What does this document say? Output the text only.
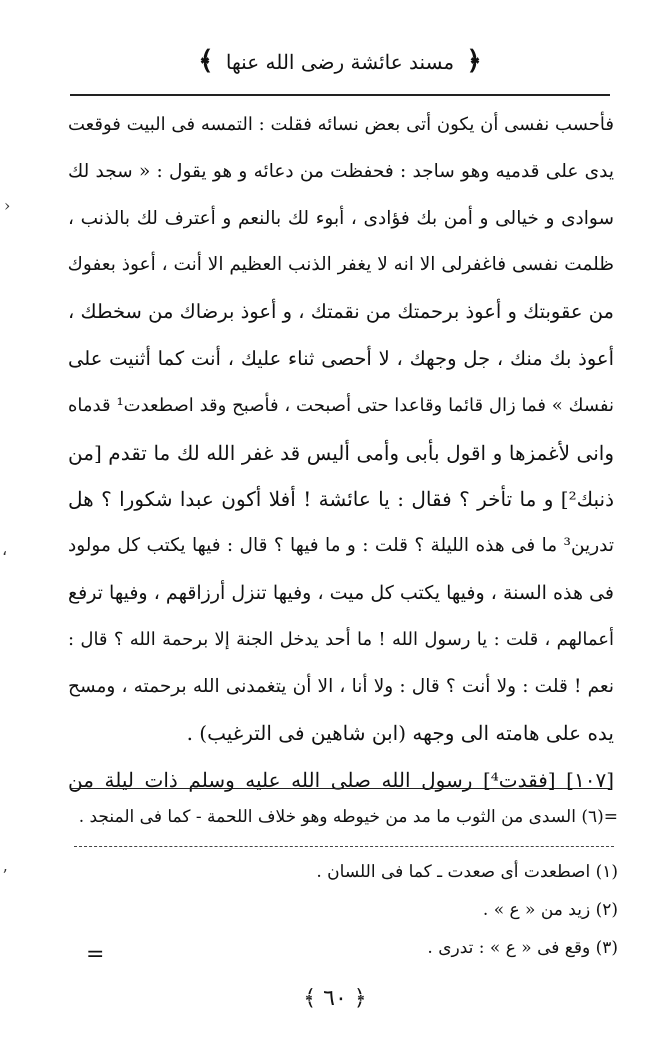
﴿ مسند عائشة رضى الله عنها ﴾
فأحسب نفسى أن يكون أتى بعض نسائه فقلت : التمسه فى البيت فوقعت
يدى على قدميه وهو ساجد : فحفظت من دعائه و هو يقول : « سجد لك
سوادى و خيالى و أمن بك فؤادى ، أبوء لك بالنعم و أعترف لك بالذنب ،
ظلمت نفسى فاغفرلى الا انه لا يغفر الذنب العظيم الا أنت ، أعوذ بعفوك
من عقوبتك و أعوذ برحمتك من نقمتك ، و أعوذ برضاك من سخطك ،
أعوذ بك منك ، جل وجهك ، لا أحصى ثناء عليك ، أنت كما أثنيت على
نفسك » فما زال قائما وقاعدا حتى أصبحت ، فأصبح وقد اصطعدت¹ قدماه
وانى لأغمزها و اقول بأبى وأمى أليس قد غفر الله لك ما تقدم [من
ذنبك²] و ما تأخر ؟ فقال : يا عائشة ! أفلا أكون عبدا شكورا ؟ هل
تدرين³ ما فى هذه الليلة ؟ قلت : و ما فيها ؟ قال : فيها يكتب كل مولود
فى هذه السنة ، وفيها يكتب كل ميت ، وفيها تنزل أرزاقهم ، وفيها ترفع
أعمالهم ، قلت : يا رسول الله ! ما أحد يدخل الجنة إلا برحمة الله ؟ قال :
نعم ! قلت : ولا أنت ؟ قال : ولا أنا ، الا أن يتغمدنى الله برحمته ، ومسح
يده على هامته الى وجهه (ابن شاهين فى الترغيب) .
[١٠٧] [فقدت⁴] رسول الله صلى الله عليه وسلم ذات ليلة من
=(٦) السدى من الثوب ما مد من خيوطه وهو خلاف اللحمة - كما فى المنجد .
(١) اصطعدت أى صعدت ـ كما فى اللسان .
(٢) زيد من « ع » .
(٣) وقع فى « ع » : تدرى .
=
﴿ ٦٠ ﴾
›
،
ʼ
